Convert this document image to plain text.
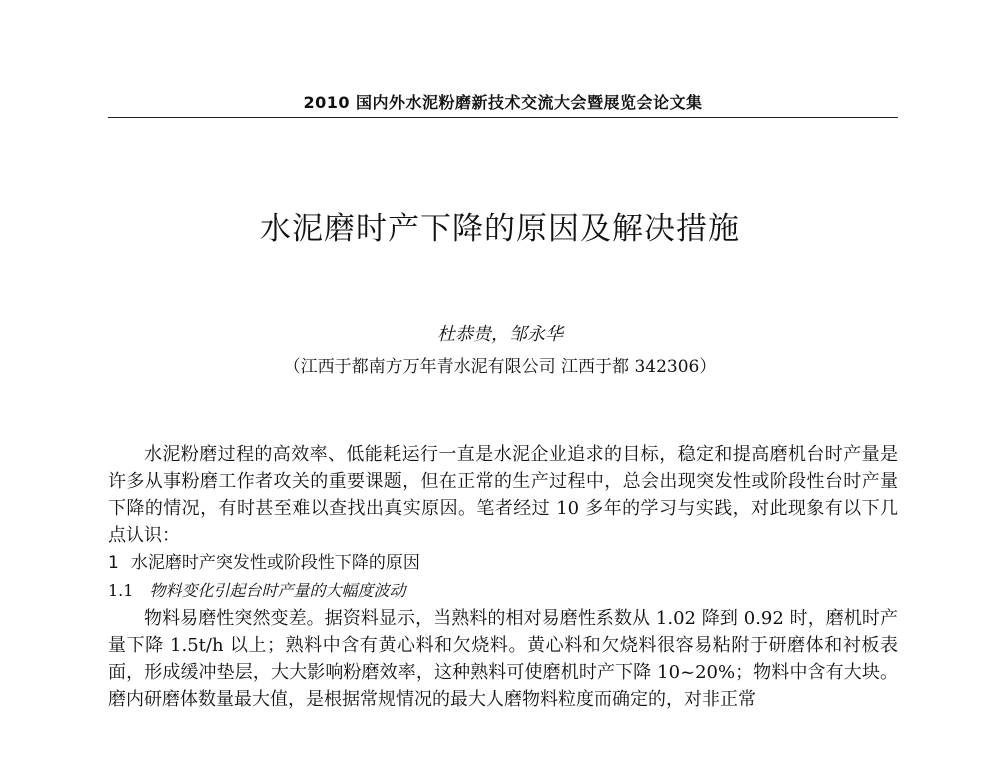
2010 国内外水泥粉磨新技术交流大会暨展览会论文集
水泥磨时产下降的原因及解决措施
杜恭贵，邹永华
（江西于都南方万年青水泥有限公司 江西于都 342306）

水泥粉磨过程的高效率、低能耗运行一直是水泥企业追求的目标，稳定和提高磨机台时产量是许多从事粉磨工作者攻关的重要课题，但在正常的生产过程中，总会出现突发性或阶段性台时产量下降的情况，有时甚至难以查找出真实原因。笔者经过 10 多年的学习与实践，对此现象有以下几点认识：

1 水泥磨时产突发性或阶段性下降的原因
1.1 物料变化引起台时产量的大幅度波动

物料易磨性突然变差。据资料显示，当熟料的相对易磨性系数从 1.02 降到 0.92 时，磨机时产量下降 1.5t/h 以上；熟料中含有黄心料和欠烧料。黄心料和欠烧料很容易粘附于研磨体和衬板表面，形成缓冲垫层，大大影响粉磨效率，这种熟料可使磨机时产下降 10~20%；物料中含有大块。磨内研磨体数量最大值，是根据常规情况的最大人磨物料粒度而确定的，对非正常
